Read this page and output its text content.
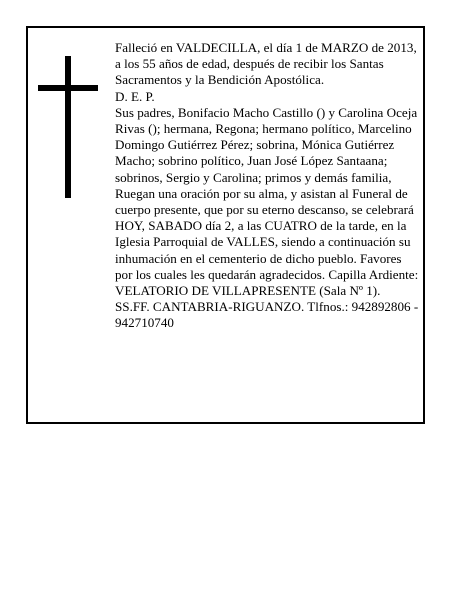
Falleció en VALDECILLA, el día 1 de MARZO de 2013, a los 55 años de edad, después de recibir los Santas Sacramentos y la Bendición Apostólica.

D. E. P.

Sus padres, Bonifacio Macho Castillo () y Carolina Oceja Rivas (); hermana, Regona; hermano político, Marcelino Domingo Gutiérrez Pérez; sobrina, Mónica Gutiérrez Macho; sobrino político, Juan José López Santaana; sobrinos, Sergio y Carolina; primos y demás familia,

Ruegan una oración por su alma, y asistan al Funeral de cuerpo presente, que por su eterno descanso, se celebrará HOY, SABADO día 2, a las CUATRO de la tarde, en la Iglesia Parroquial de VALLES, siendo a continuación su inhumación en el cementerio de dicho pueblo. Favores por los cuales les quedarán agradecidos. Capilla Ardiente: VELATORIO DE VILLAPRESENTE (Sala Nº 1).

SS.FF. CANTABRIA-RIGUANZO. Tlfnos.: 942892806 - 942710740
